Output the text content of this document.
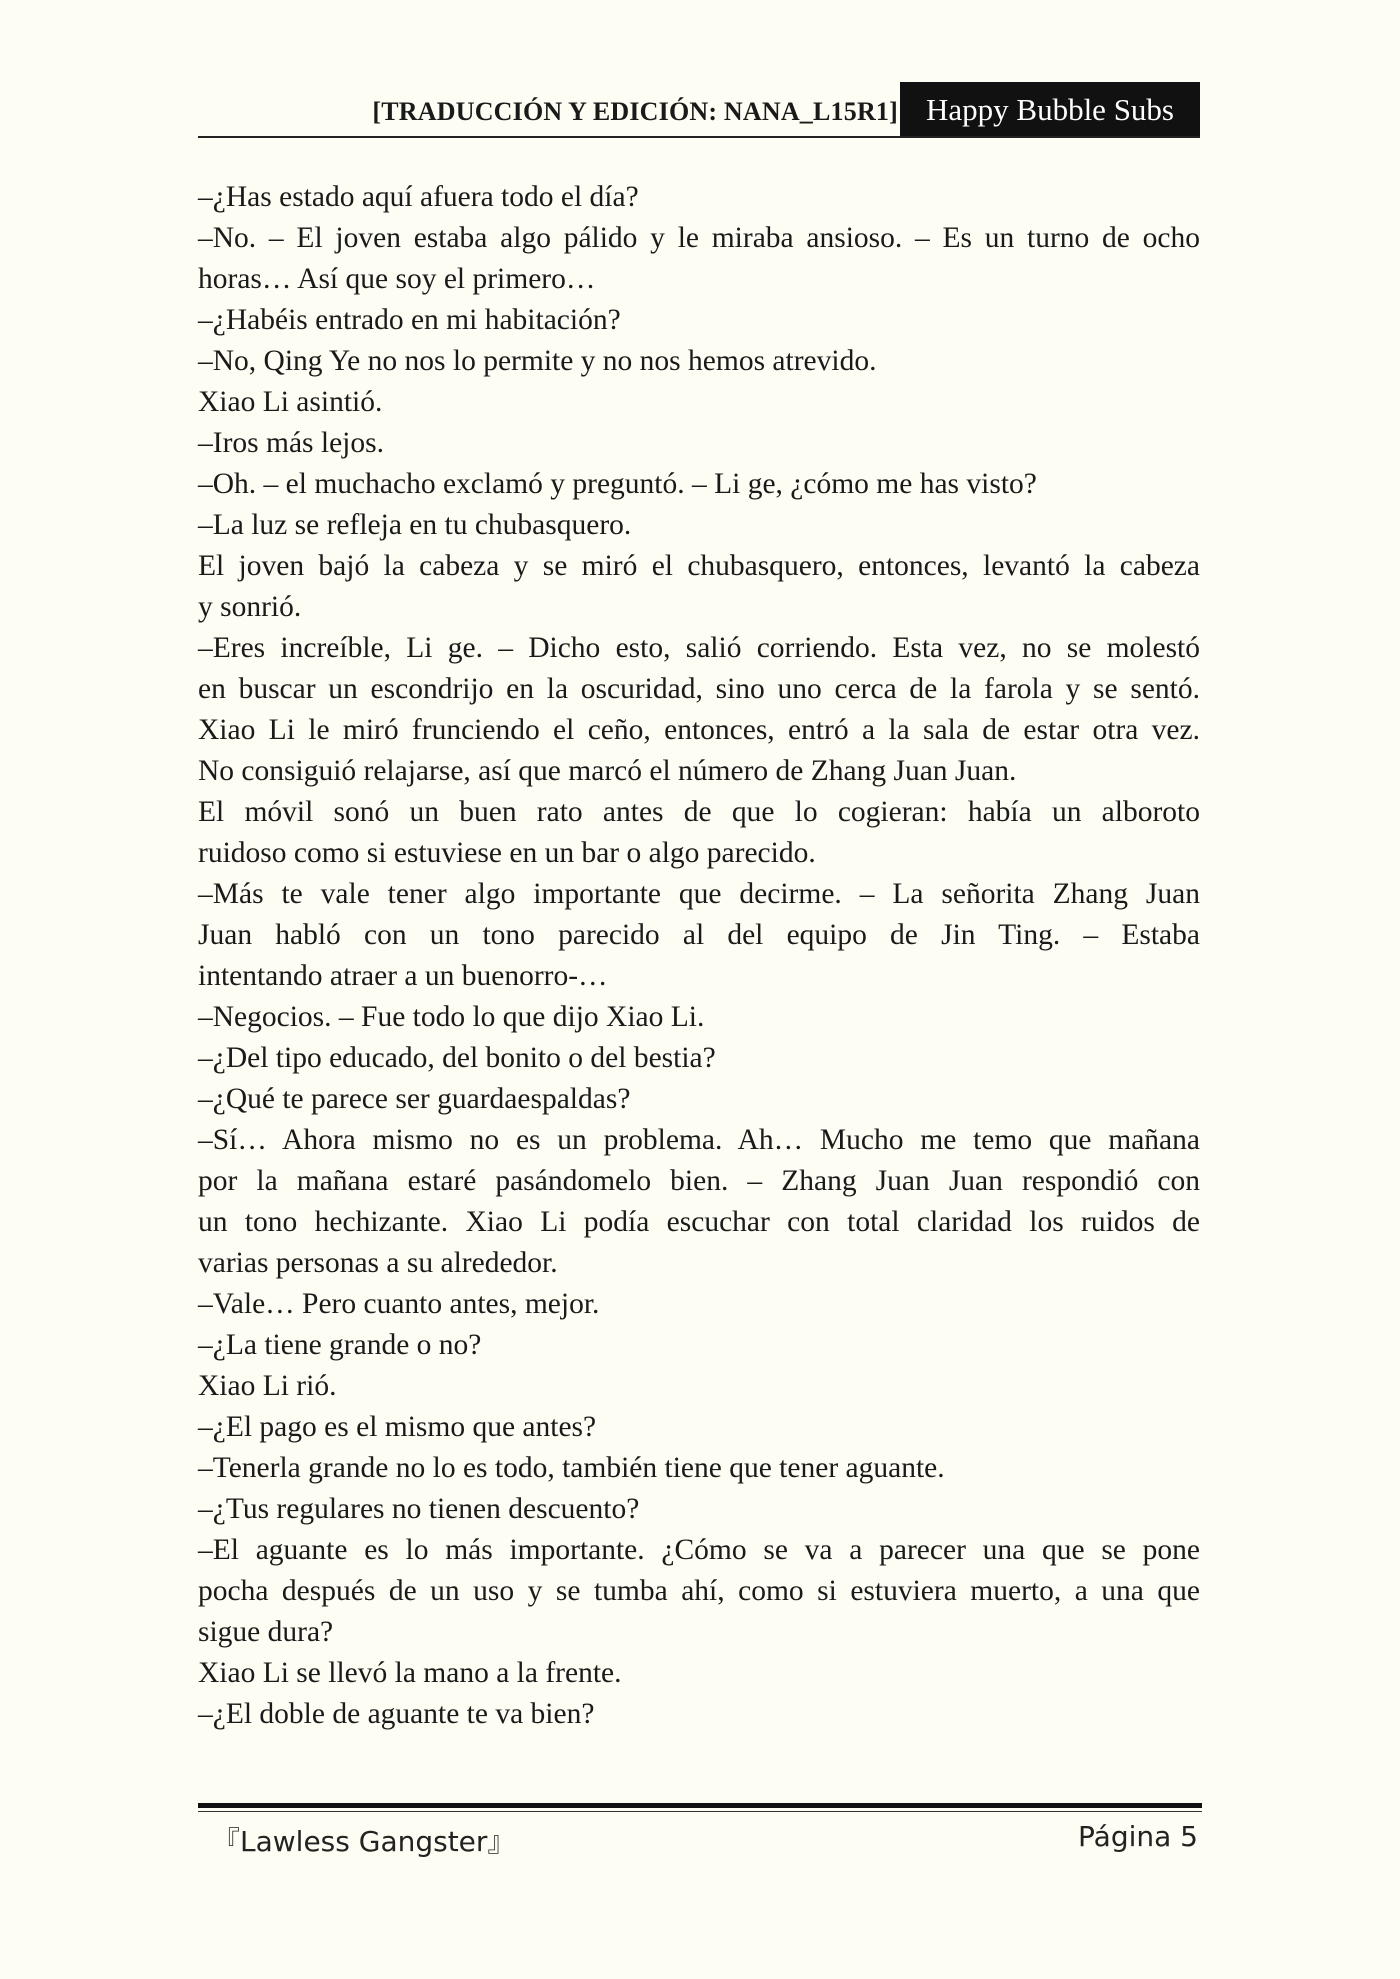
[TRADUCCIÓN Y EDICIÓN: NANA_L15R1] Happy Bubble Subs
–¿Has estado aquí afuera todo el día?
–No. – El joven estaba algo pálido y le miraba ansioso. – Es un turno de ocho
horas… Así que soy el primero…
–¿Habéis entrado en mi habitación?
–No, Qing Ye no nos lo permite y no nos hemos atrevido.
Xiao Li asintió.
–Iros más lejos.
–Oh. – el muchacho exclamó y preguntó. – Li ge, ¿cómo me has visto?
–La luz se refleja en tu chubasquero.
El joven bajó la cabeza y se miró el chubasquero, entonces, levantó la cabeza
y sonrió.
–Eres increíble, Li ge. – Dicho esto, salió corriendo. Esta vez, no se molestó
en buscar un escondrijo en la oscuridad, sino uno cerca de la farola y se sentó.
Xiao Li le miró frunciendo el ceño, entonces, entró a la sala de estar otra vez.
No consiguió relajarse, así que marcó el número de Zhang Juan Juan.
El móvil sonó un buen rato antes de que lo cogieran: había un alboroto
ruidoso como si estuviese en un bar o algo parecido.
–Más te vale tener algo importante que decirme. – La señorita Zhang Juan
Juan habló con un tono parecido al del equipo de Jin Ting. – Estaba
intentando atraer a un buenorro-…
–Negocios. – Fue todo lo que dijo Xiao Li.
–¿Del tipo educado, del bonito o del bestia?
–¿Qué te parece ser guardaespaldas?
–Sí… Ahora mismo no es un problema. Ah… Mucho me temo que mañana
por la mañana estaré pasándomelo bien. – Zhang Juan Juan respondió con
un tono hechizante. Xiao Li podía escuchar con total claridad los ruidos de
varias personas a su alrededor.
–Vale… Pero cuanto antes, mejor.
–¿La tiene grande o no?
Xiao Li rió.
–¿El pago es el mismo que antes?
–Tenerla grande no lo es todo, también tiene que tener aguante.
–¿Tus regulares no tienen descuento?
–El aguante es lo más importante. ¿Cómo se va a parecer una que se pone
pocha después de un uso y se tumba ahí, como si estuviera muerto, a una que
sigue dura?
Xiao Li se llevó la mano a la frente.
–¿El doble de aguante te va bien?
『Lawless Gangster』	Página 5
